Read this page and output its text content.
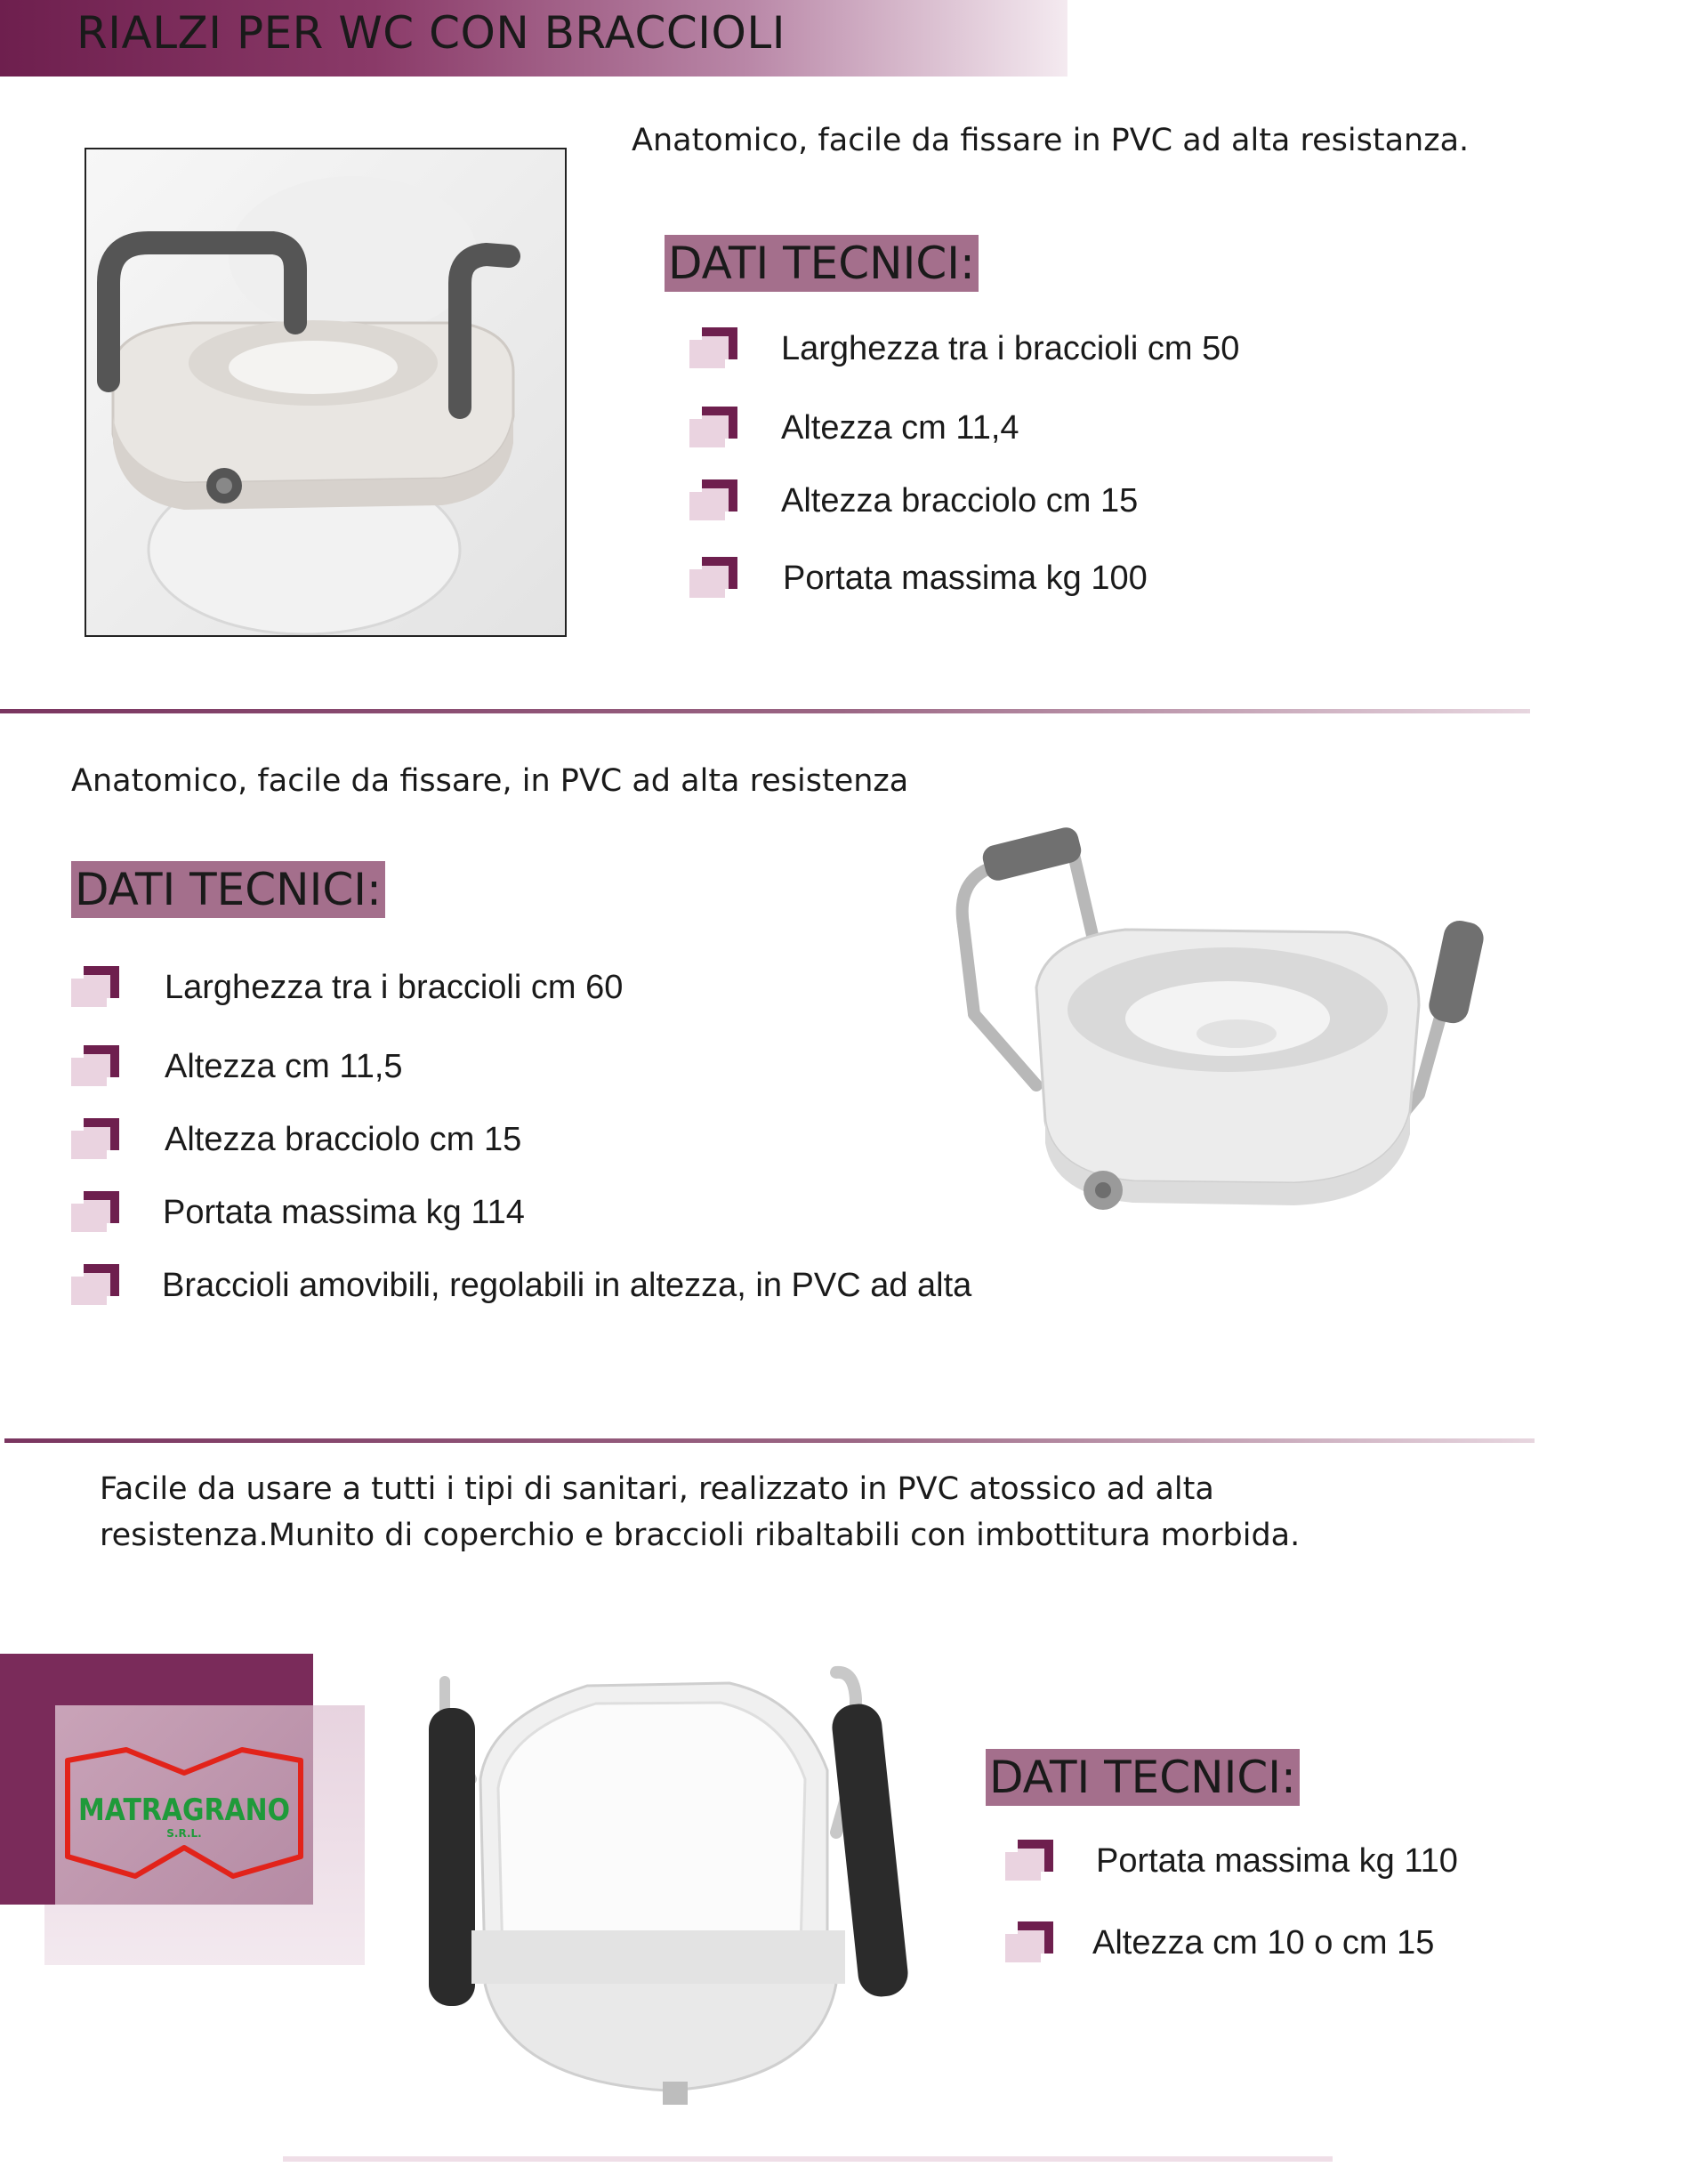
RIALZI PER WC CON BRACCIOLI
Anatomico, facile da fissare in PVC ad alta resistanza.
DATI TECNICI:
Larghezza tra i braccioli cm 50
Altezza cm 11,4
Altezza bracciolo cm 15
Portata massima kg 100
Anatomico, facile da fissare, in PVC ad alta resistenza
DATI TECNICI:
Larghezza tra i braccioli cm 60
Altezza cm 11,5
Altezza bracciolo cm 15
Portata massima kg 114
Braccioli amovibili, regolabili in altezza, in PVC ad alta
Facile da usare a tutti i tipi di sanitari, realizzato in PVC atossico ad alta
resistenza.Munito di coperchio e braccioli ribaltabili con imbottitura morbida.
MATRAGRANO
S.R.L.
DATI TECNICI:
Portata massima kg 110
Altezza cm 10 o cm 15
